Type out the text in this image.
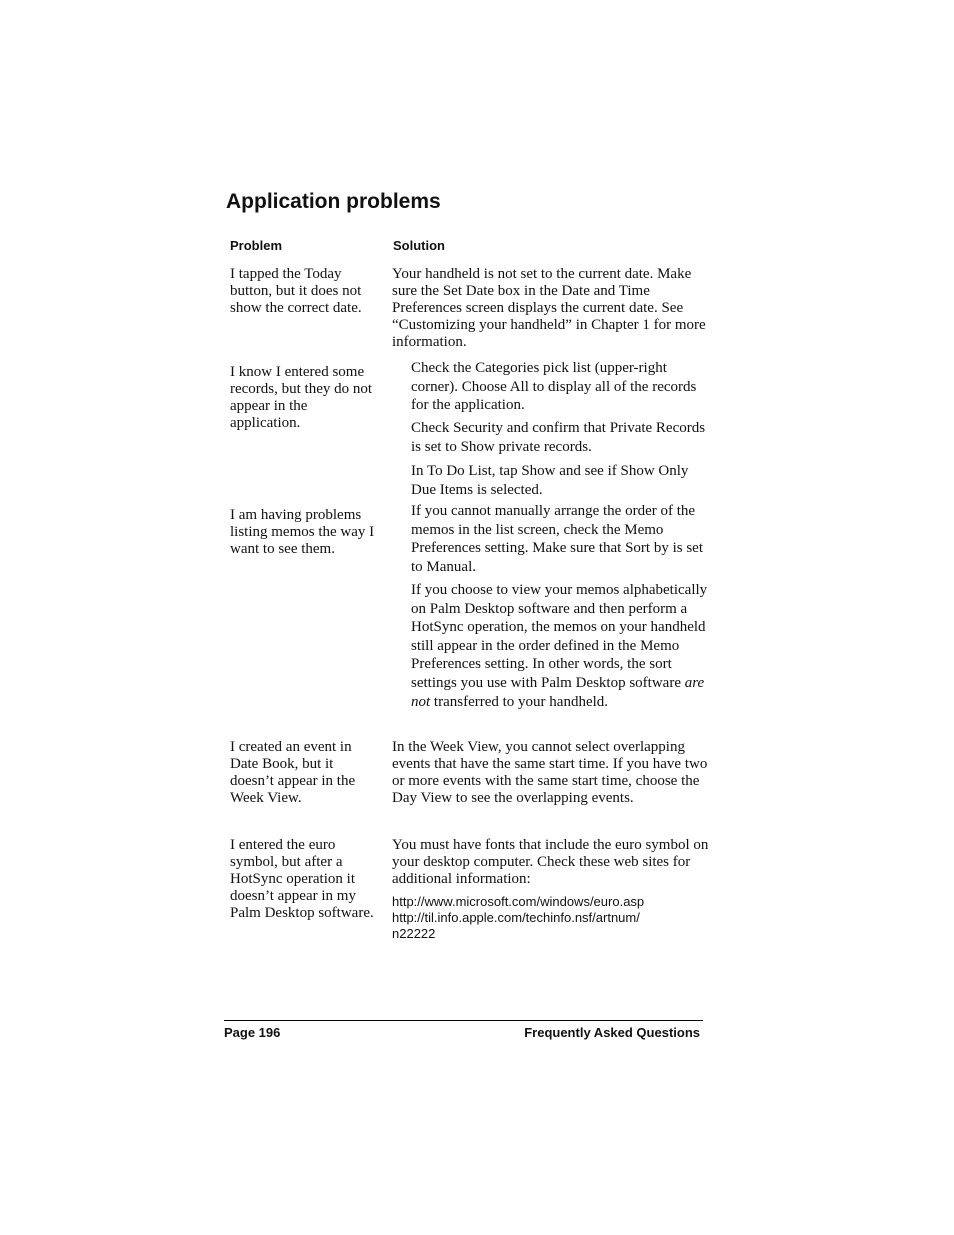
Application problems
Problem	Solution
I tapped the Today button, but it does not show the correct date.
Your handheld is not set to the current date. Make sure the Set Date box in the Date and Time Preferences screen displays the current date. See “Customizing your handheld” in Chapter 1 for more information.
I know I entered some records, but they do not appear in the application.
Check the Categories pick list (upper-right corner). Choose All to display all of the records for the application.
Check Security and confirm that Private Records is set to Show private records.
In To Do List, tap Show and see if Show Only Due Items is selected.
I am having problems listing memos the way I want to see them.
If you cannot manually arrange the order of the memos in the list screen, check the Memo Preferences setting. Make sure that Sort by is set to Manual.
If you choose to view your memos alphabetically on Palm Desktop software and then perform a HotSync operation, the memos on your handheld still appear in the order defined in the Memo Preferences setting. In other words, the sort settings you use with Palm Desktop software are not transferred to your handheld.
I created an event in Date Book, but it doesn’t appear in the Week View.
In the Week View, you cannot select overlapping events that have the same start time. If you have two or more events with the same start time, choose the Day View to see the overlapping events.
I entered the euro symbol, but after a HotSync operation it doesn’t appear in my Palm Desktop software.
You must have fonts that include the euro symbol on your desktop computer. Check these web sites for additional information:
http://www.microsoft.com/windows/euro.asp
http://til.info.apple.com/techinfo.nsf/artnum/
n22222
Page 196	Frequently Asked Questions
